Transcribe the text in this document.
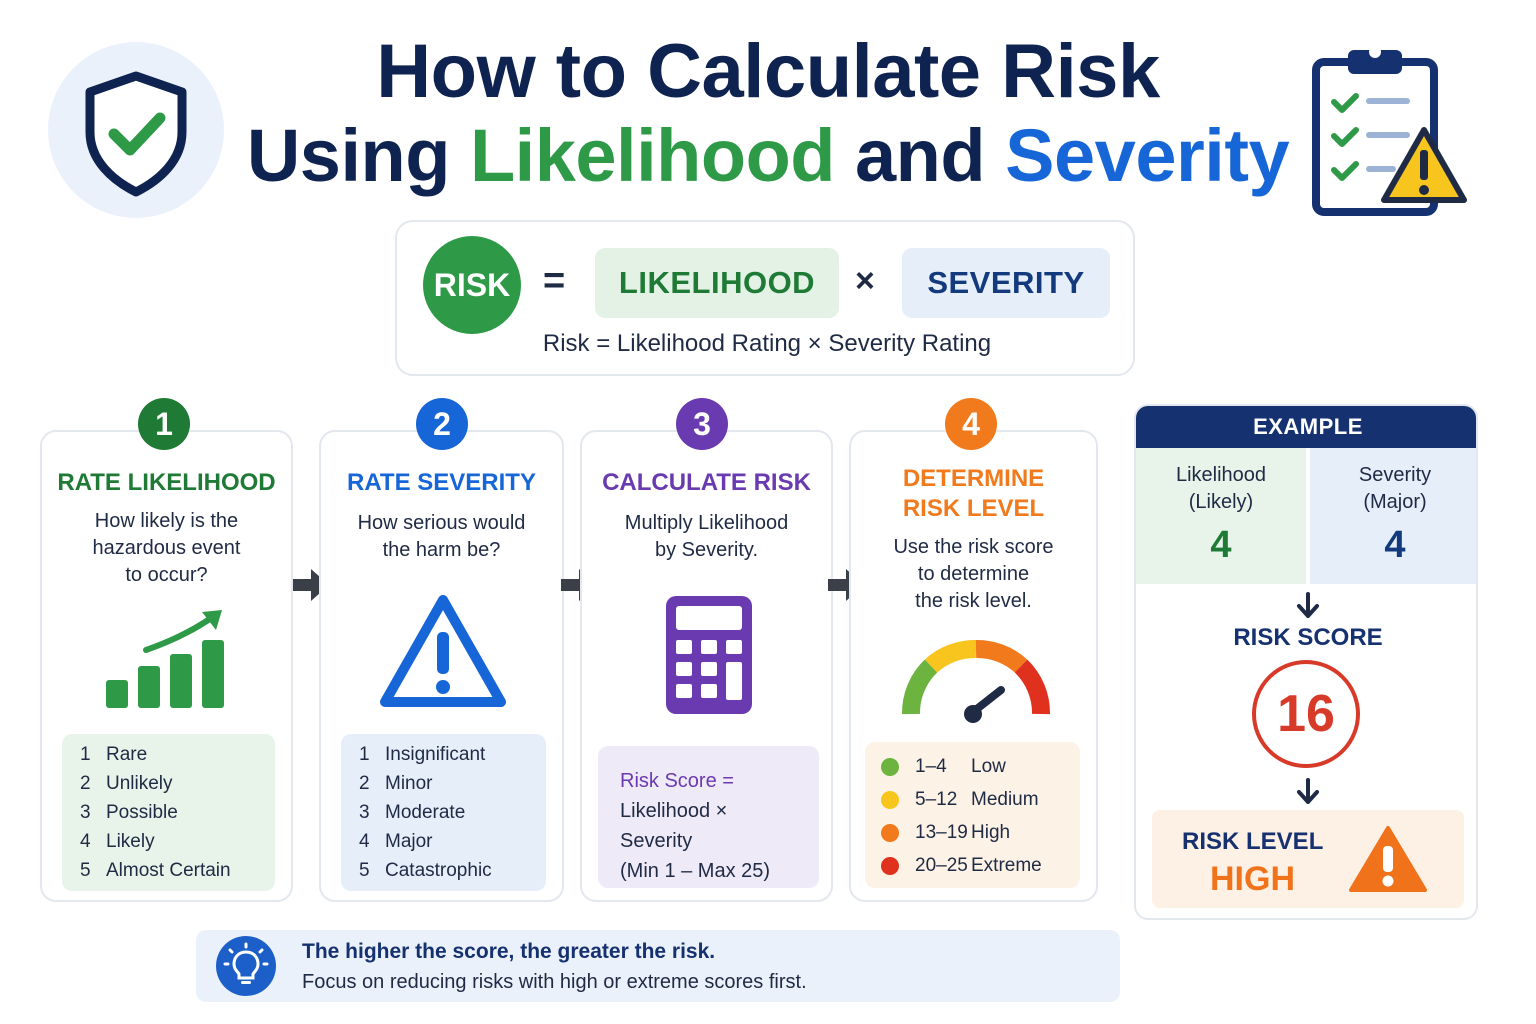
How to Calculate Risk
Using Likelihood and Severity
RISK =	LIKELIHOOD	×	SEVERITY
Risk = Likelihood Rating × Severity Rating
RATE LIKELIHOOD
How likely is the
hazardous event
to occur?
1 Rare
2 Unlikely
3 Possible
4 Likely
5 Almost Certain
1
RATE SEVERITY
How serious would
the harm be?
1 Insignificant
2 Minor
3 Moderate
4 Major
5 Catastrophic
2
CALCULATE RISK
Multiply Likelihood
by Severity.
Risk Score =
Likelihood × Severity
(Min 1 – Max 25)
3
DETERMINE
RISK LEVEL
Use the risk score
to determine
the risk level.
1–4	Low
5–12 Medium
13–19 High
20–25 Extreme
4	EXAMPLE
Likelihood
(Likely)
4
Severity
(Major)
4
RISK SCORE
16
RISK LEVEL
HIGH
The higher the score, the greater the risk.
Focus on reducing risks with high or extreme scores first.
